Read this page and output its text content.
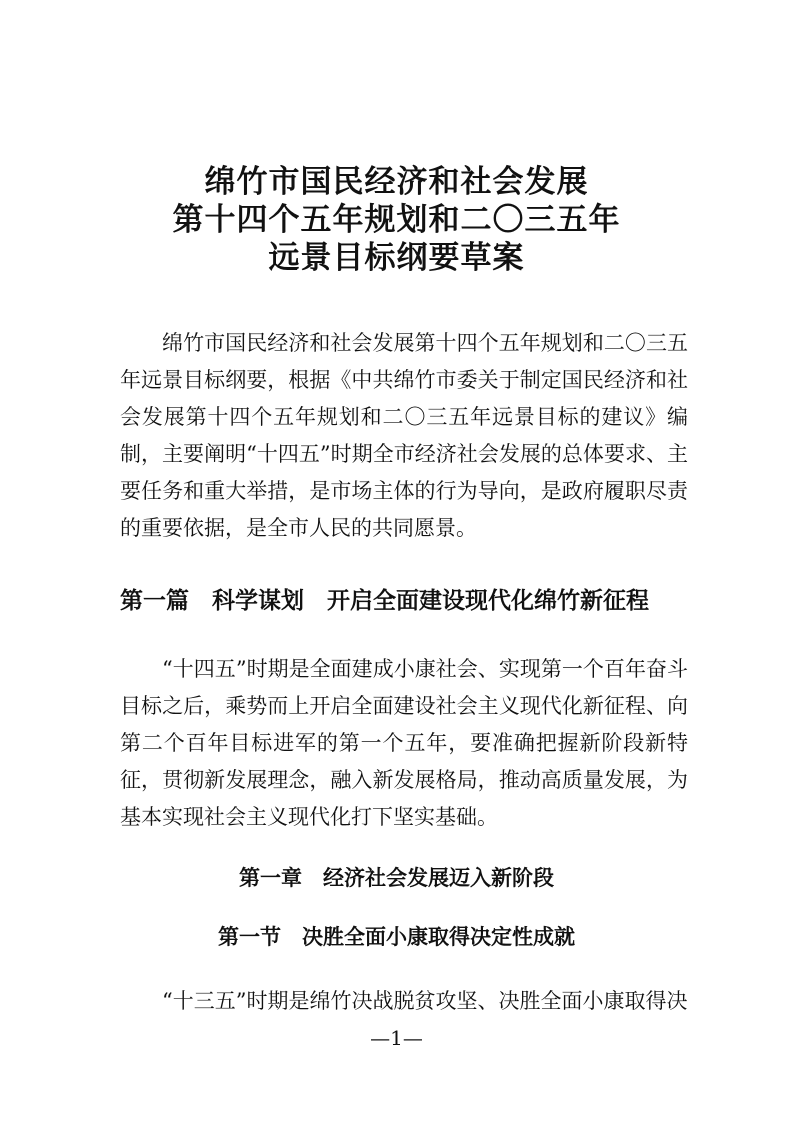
绵竹市国民经济和社会发展
第十四个五年规划和二〇三五年
远景目标纲要草案

绵竹市国民经济和社会发展第十四个五年规划和二〇三五年远景目标纲要，根据《中共绵竹市委关于制定国民经济和社会发展第十四个五年规划和二〇三五年远景目标的建议》编制，主要阐明“十四五”时期全市经济社会发展的总体要求、主要任务和重大举措，是市场主体的行为导向，是政府履职尽责的重要依据，是全市人民的共同愿景。

第一篇　科学谋划　开启全面建设现代化绵竹新征程

“十四五”时期是全面建成小康社会、实现第一个百年奋斗目标之后，乘势而上开启全面建设社会主义现代化新征程、向第二个百年目标进军的第一个五年，要准确把握新阶段新特征，贯彻新发展理念，融入新发展格局，推动高质量发展，为基本实现社会主义现代化打下坚实基础。

第一章　经济社会发展迈入新阶段
第一节　决胜全面小康取得决定性成就

“十三五”时期是绵竹决战脱贫攻坚、决胜全面小康取得决

—1—
